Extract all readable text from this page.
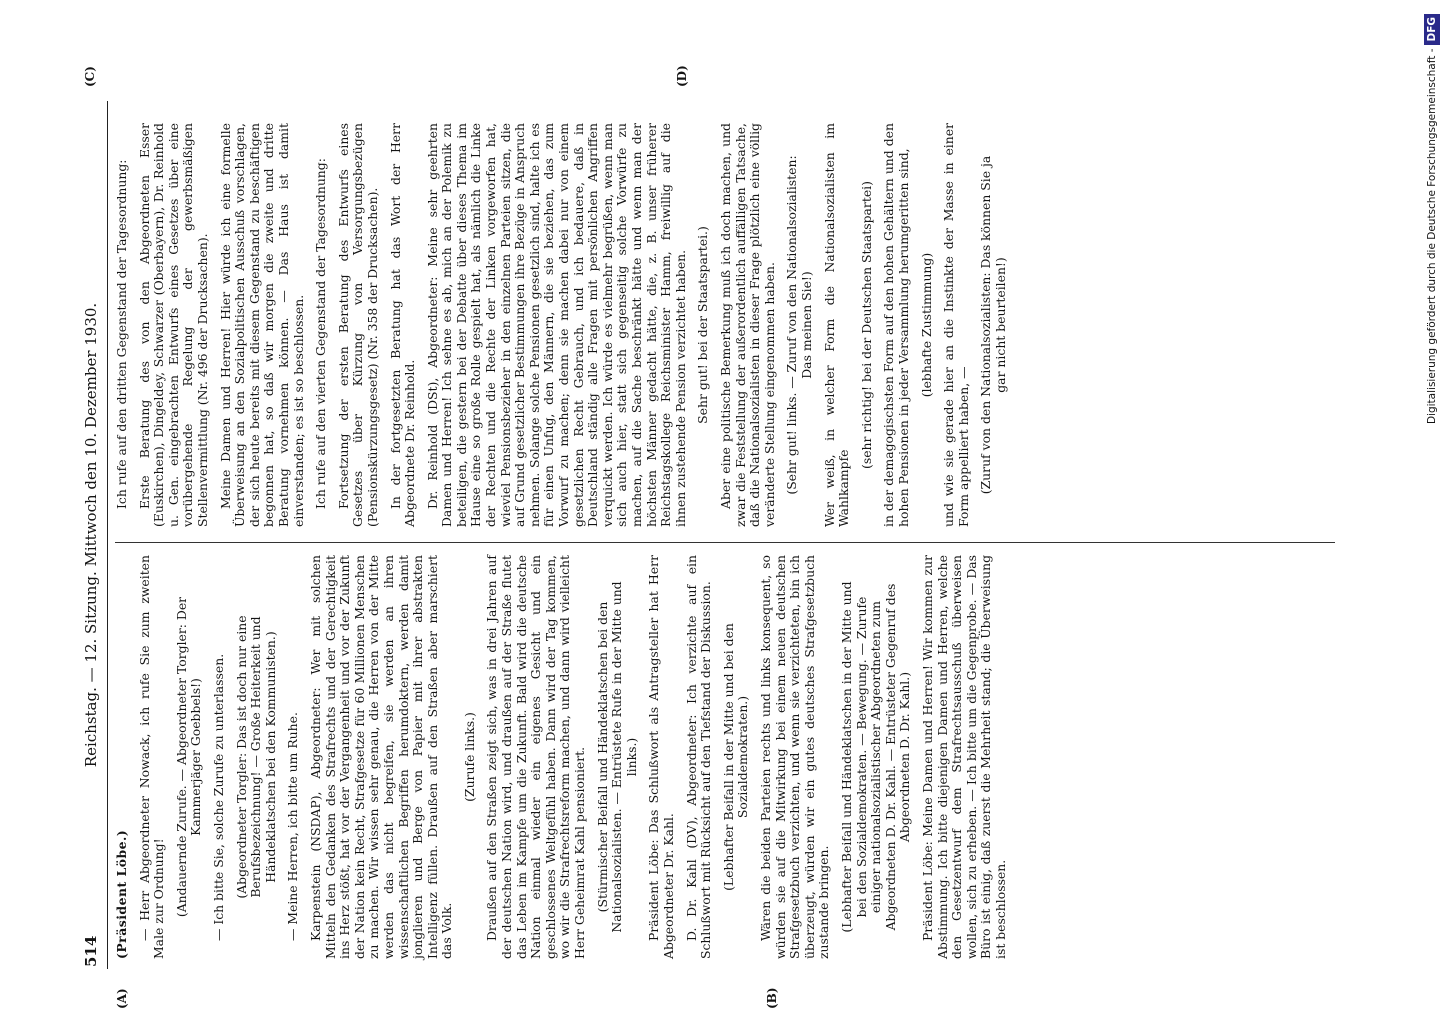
514
Reichstag. — 12. Sitzung. Mittwoch den 10. Dezember 1930.
(A)	(B)
(C)	(D)

(Präsident Löbe.) — Herr Abgeordneter Nowack, ich rufe Sie zum zweiten Male zur Ordnung! (Andauernde Zurufe. — Abgeordneter Torgler: Der Kammerjäger Goebbels!) — Ich bitte Sie, solche Zurufe zu unterlassen. (Abgeordneter Torgler: Das ist doch nur eine Berufsbezeichnung! — Große Heiterkeit und Händeklatschen bei den Kommunisten.) — Meine Herren, ich bitte um Ruhe. Karpenstein (NSDAP), Abgeordneter: Wer mit solchen Mitteln den Gedanken des Strafrechts und der Gerechtigkeit ins Herz stößt, hat vor der Vergangenheit und vor der Zukunft der Nation kein Recht, Strafgesetze für 60 Millionen Menschen zu machen. Wir wissen sehr genau, die Herren von der Mitte werden das nicht begreifen, sie werden an ihren wissenschaftlichen Begriffen herumdoktern, werden damit jonglieren und Berge von Papier mit ihrer abstrakten Intelligenz füllen. Draußen auf den Straßen aber marschiert das Volk.

(Zurufe links.) Draußen auf den Straßen zeigt sich, was in drei Jahren auf der deutschen Nation wird, und draußen auf der Straße flutet das Leben im Kampfe um die Zukunft. Bald wird die deutsche Nation einmal wieder ein eigenes Gesicht und ein geschlossenes Weltgefühl haben. Dann wird der Tag kommen, wo wir die Strafrechtsreform machen, und dann wird vielleicht Herr Geheimrat Kahl pensioniert. (Stürmischer Beifall und Händeklatschen bei den Nationalsozialisten. — Entrüstete Rufe in der Mitte und links.) Präsident Löbe: Das Schlußwort als Antragsteller hat Herr Abgeordneter Dr. Kahl. D. Dr. Kahl (DV), Abgeordneter: Ich verzichte auf ein Schlußwort mit Rücksicht auf den Tiefstand der Diskussion. (Lebhafter Beifall in der Mitte und bei den Sozialdemokraten.) Wären die beiden Parteien rechts und links konsequent, so würden sie auf die Mitwirkung bei einem neuen deutschen Strafgesetzbuch verzichten, und wenn sie verzichteten, bin ich überzeugt, würden wir ein gutes deutsches Strafgesetzbuch zustande bringen. (Lebhafter Beifall und Händeklatschen in der Mitte und bei den Sozialdemokraten. — Bewegung. — Zurufe einiger nationalsozialistischer Abgeordneten zum Abgeordneten D. Dr. Kahl. — Entrüsteter Gegenruf des Abgeordneten D. Dr. Kahl.) Präsident Löbe: Meine Damen und Herren! Wir kommen zur Abstimmung. Ich bitte diejenigen Damen und Herren, welche den Gesetzentwurf dem Strafrechtsausschuß überweisen wollen, sich zu erheben. — Ich bitte um die Gegenprobe. — Das Büro ist einig, daß zuerst die Mehrheit stand; die Überweisung ist beschlossen.

Ich rufe auf den dritten Gegenstand der Tagesordnung: Erste Beratung des von den Abgeordneten Esser (Euskirchen), Dingeldey, Schwarzer (Oberbayern), Dr. Reinhold u. Gen. eingebrachten Entwurfs eines Gesetzes über eine vorübergehende Regelung der gewerbsmäßigen Stellenvermittlung (Nr. 496 der Drucksachen). Meine Damen und Herren! Hier würde ich eine formelle Überweisung an den Sozialpolitischen Ausschuß vorschlagen, der sich heute bereits mit diesem Gegenstand zu beschäftigen begonnen hat, so daß wir morgen die zweite und dritte Beratung vornehmen können. — Das Haus ist damit einverstanden; es ist so beschlossen. Ich rufe auf den vierten Gegenstand der Tagesordnung: Fortsetzung der ersten Beratung des Entwurfs eines Gesetzes über Kürzung von Versorgungsbezügen (Pensionskürzungsgesetz) (Nr. 358 der Drucksachen). In der fortgesetzten Beratung hat das Wort der Herr Abgeordnete Dr. Reinhold. Dr. Reinhold (DSt), Abgeordneter: Meine sehr geehrten Damen und Herren! Ich sehne es ab, mich an der Polemik zu beteiligen, die gestern bei der Debatte über dieses Thema im Hause eine so große Rolle gespielt hat, als nämlich die Linke der Rechten und die Rechte der Linken vorgeworfen hat, wieviel Pensionsbezieher in den einzelnen Parteien sitzen, die auf Grund gesetzlicher Bestimmungen ihre Bezüge in Anspruch nehmen. Solange solche Pensionen gesetzlich sind, halte ich es für einen Unfug, den Männern, die sie beziehen, das zum Vorwurf zu machen; denn sie machen dabei nur von einem gesetzlichen Recht Gebrauch, und ich bedauere, daß in Deutschland ständig alle Fragen mit persönlichen Angriffen verquickt werden. Ich würde es vielmehr begrüßen, wenn man sich auch hier, statt sich gegenseitig solche Vorwürfe zu machen, auf die Sache beschränkt hätte und wenn man der höchsten Männer gedacht hätte, die, z. B. unser früherer Reichstagskollege Reichsminister Hamm, freiwillig auf die ihnen zustehende Pension verzichtet haben. Sehr gut! bei der Staatspartei.) Aber eine politische Bemerkung muß ich doch machen, und zwar die Feststellung der außerordentlich auffälligen Tatsache, daß die Nationalsozialisten in dieser Frage plötzlich eine völlig veränderte Stellung eingenommen haben. (Sehr gut! links. — Zuruf von den Nationalsozialisten: Das meinen Sie!) Wer weiß, in welcher Form die Nationalsozialisten im Wahlkampfe

(sehr richtig! bei der Deutschen Staatspartei) in der demagogischsten Form auf den hohen Gehältern und den hohen Pensionen in jeder Versammlung herumgeritten sind, (lebhafte Zustimmung) und wie sie gerade hier an die Instinkte der Masse in einer Form appelliert haben, — (Zuruf von den Nationalsozialisten: Das können Sie ja gar nicht beurteilen!)	Digitalisierung gefördert durch die Deutsche Forschungsgemeinschaft -DFG
